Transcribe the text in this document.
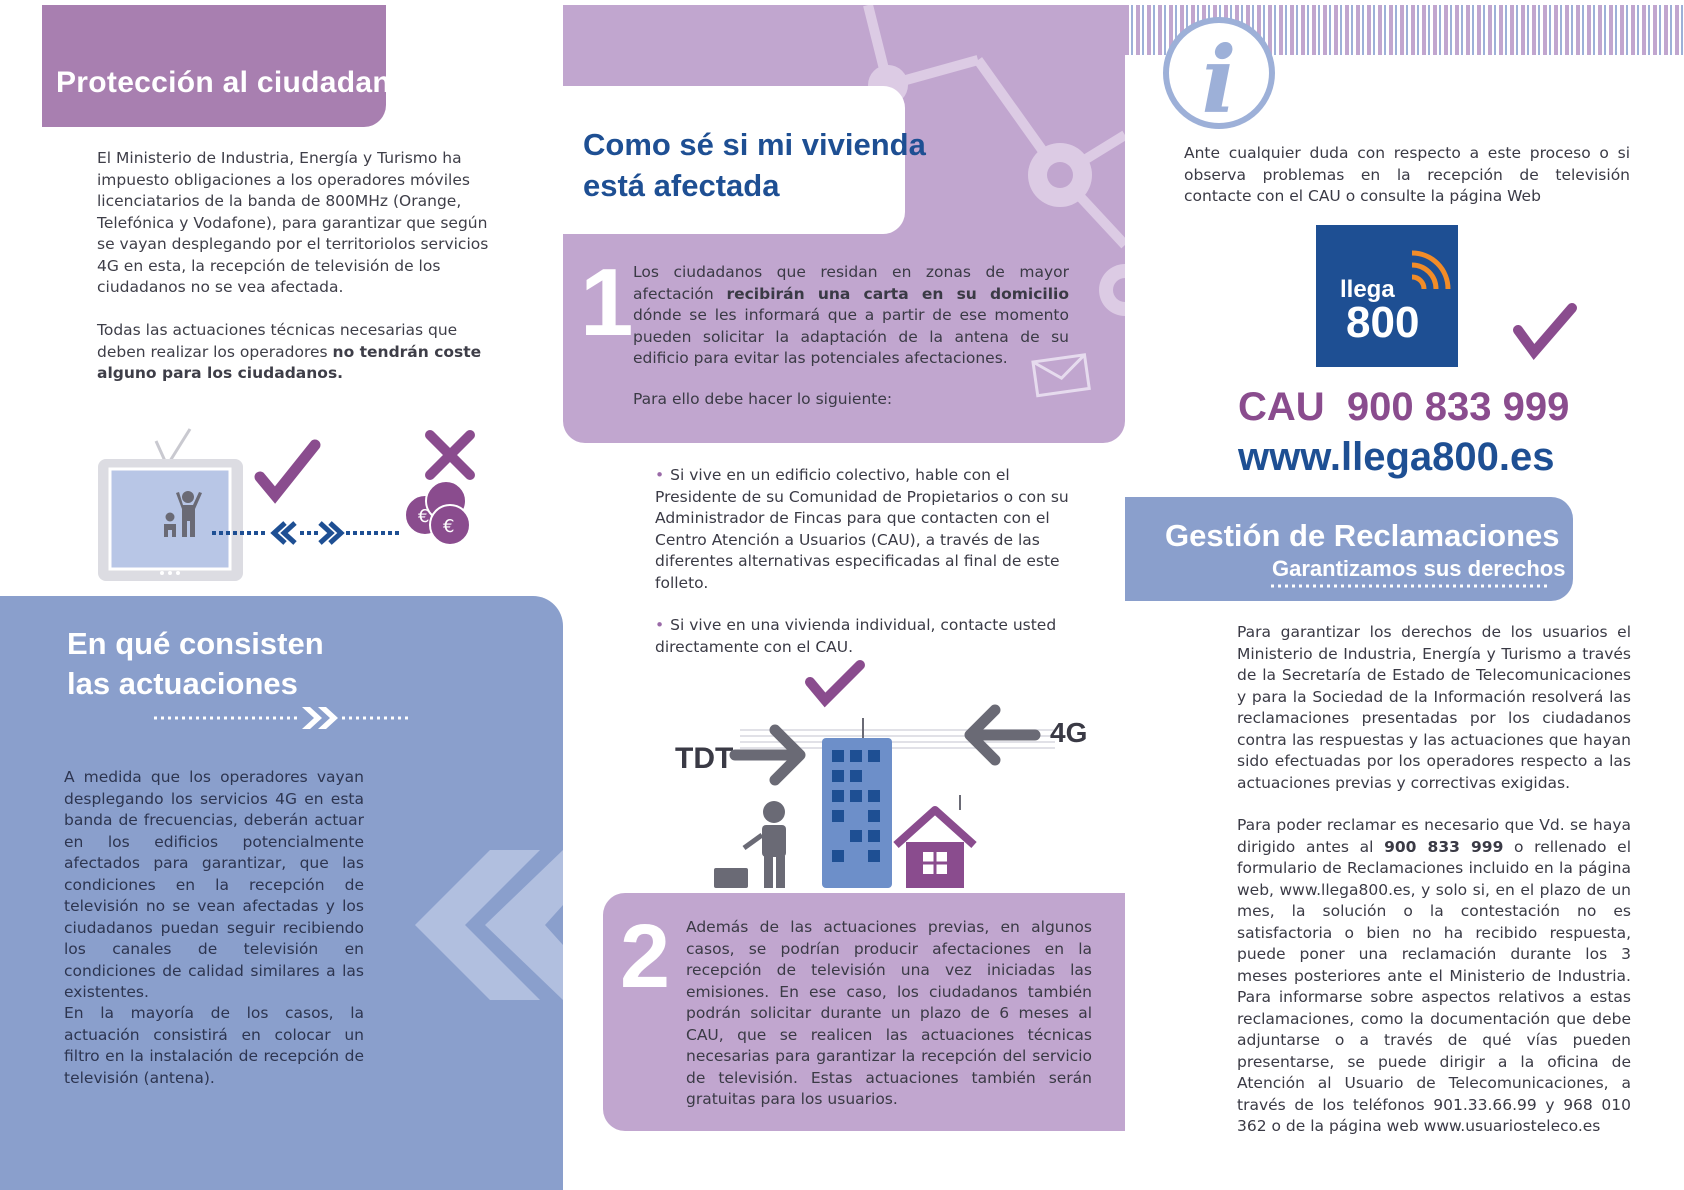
Protección al ciudadano

El Ministerio de Industria, Energía y Turismo ha impuesto obligaciones a los operadores móviles licenciatarios de la banda de 800MHz (Orange, Telefónica y Vodafone), para garantizar que según se vayan desplegando por el territoriolos servicios 4G en esta, la recepción de televisión de los ciudadanos no se vea afectada.

Todas las actuaciones técnicas necesarias que deben realizar los operadores no tendrán coste alguno para los ciudadanos.

€ €
En qué consisten
las actuaciones

A medida que los operadores vayan desplegando los servicios 4G en esta banda de frecuencias, deberán actuar en los edificios potencialmente afectados para garantizar, que las condiciones en la recepción de televisión no se vean afectadas y los ciudadanos puedan seguir recibiendo los canales de televisión en condiciones de calidad similares a las existentes.

En la mayoría de los casos, la actuación consistirá en colocar un filtro en la instalación de recepción de televisión (antena).

Como sé si mi vivienda
está afectada
1 Los ciudadanos que residan en zonas de mayor afectación recibirán una carta en su domicilio dónde se les informará que a partir de ese momento pueden solicitar la adaptación de la antena de su edificio para evitar las potenciales afectaciones.

Para ello debe hacer lo siguiente:

• Si vive en un edificio colectivo, hable con el Presidente de su Comunidad de Propietarios o con su Administrador de Fincas para que contacten con el Centro Atención a Usuarios (CAU), a través de las diferentes alternativas especificadas al final de este folleto.
• Si vive en una vivienda individual, contacte usted directamente con el CAU.
TDT
4G
2 Además de las actuaciones previas, en algunos casos, se podrían producir afectaciones en la recepción de televisión una vez iniciadas las emisiones. En ese caso, los ciudadanos también podrán solicitar durante un plazo de 6 meses al CAU, que se realicen las actuaciones técnicas necesarias para garantizar la recepción del servicio de televisión. Estas actuaciones también serán gratuitas para los usuarios.

i

Ante cualquier duda con respecto a este proceso o si observa problemas en la recepción de televisión contacte con el CAU o consulte la página Web

llega
800
CAU 900 833 999
www.llega800.es
Gestión de Reclamaciones
Garantizamos sus derechos

Para garantizar los derechos de los usuarios el Ministerio de Industria, Energía y Turismo a través de la Secretaría de Estado de Telecomunicaciones y para la Sociedad de la Información resolverá las reclamaciones presentadas por los ciudadanos contra las respuestas y las actuaciones que hayan sido efectuadas por los operadores respecto a las actuaciones previas y correctivas exigidas.

Para poder reclamar es necesario que Vd. se haya dirigido antes al 900 833 999 o rellenado el formulario de Reclamaciones incluido en la página web, www.llega800.es, y solo si, en el plazo de un mes, la solución o la contestación no es satisfactoria o bien no ha recibido respuesta, puede poner una reclamación durante los 3 meses posteriores ante el Ministerio de Industria. Para informarse sobre aspectos relativos a estas reclamaciones, como la documentación que debe adjuntarse o a través de qué vías pueden presentarse, se puede dirigir a la oficina de Atención al Usuario de Telecomunicaciones, a través de los teléfonos 901.33.66.99 y 968 010 362 o de la página web www.usuariosteleco.es
